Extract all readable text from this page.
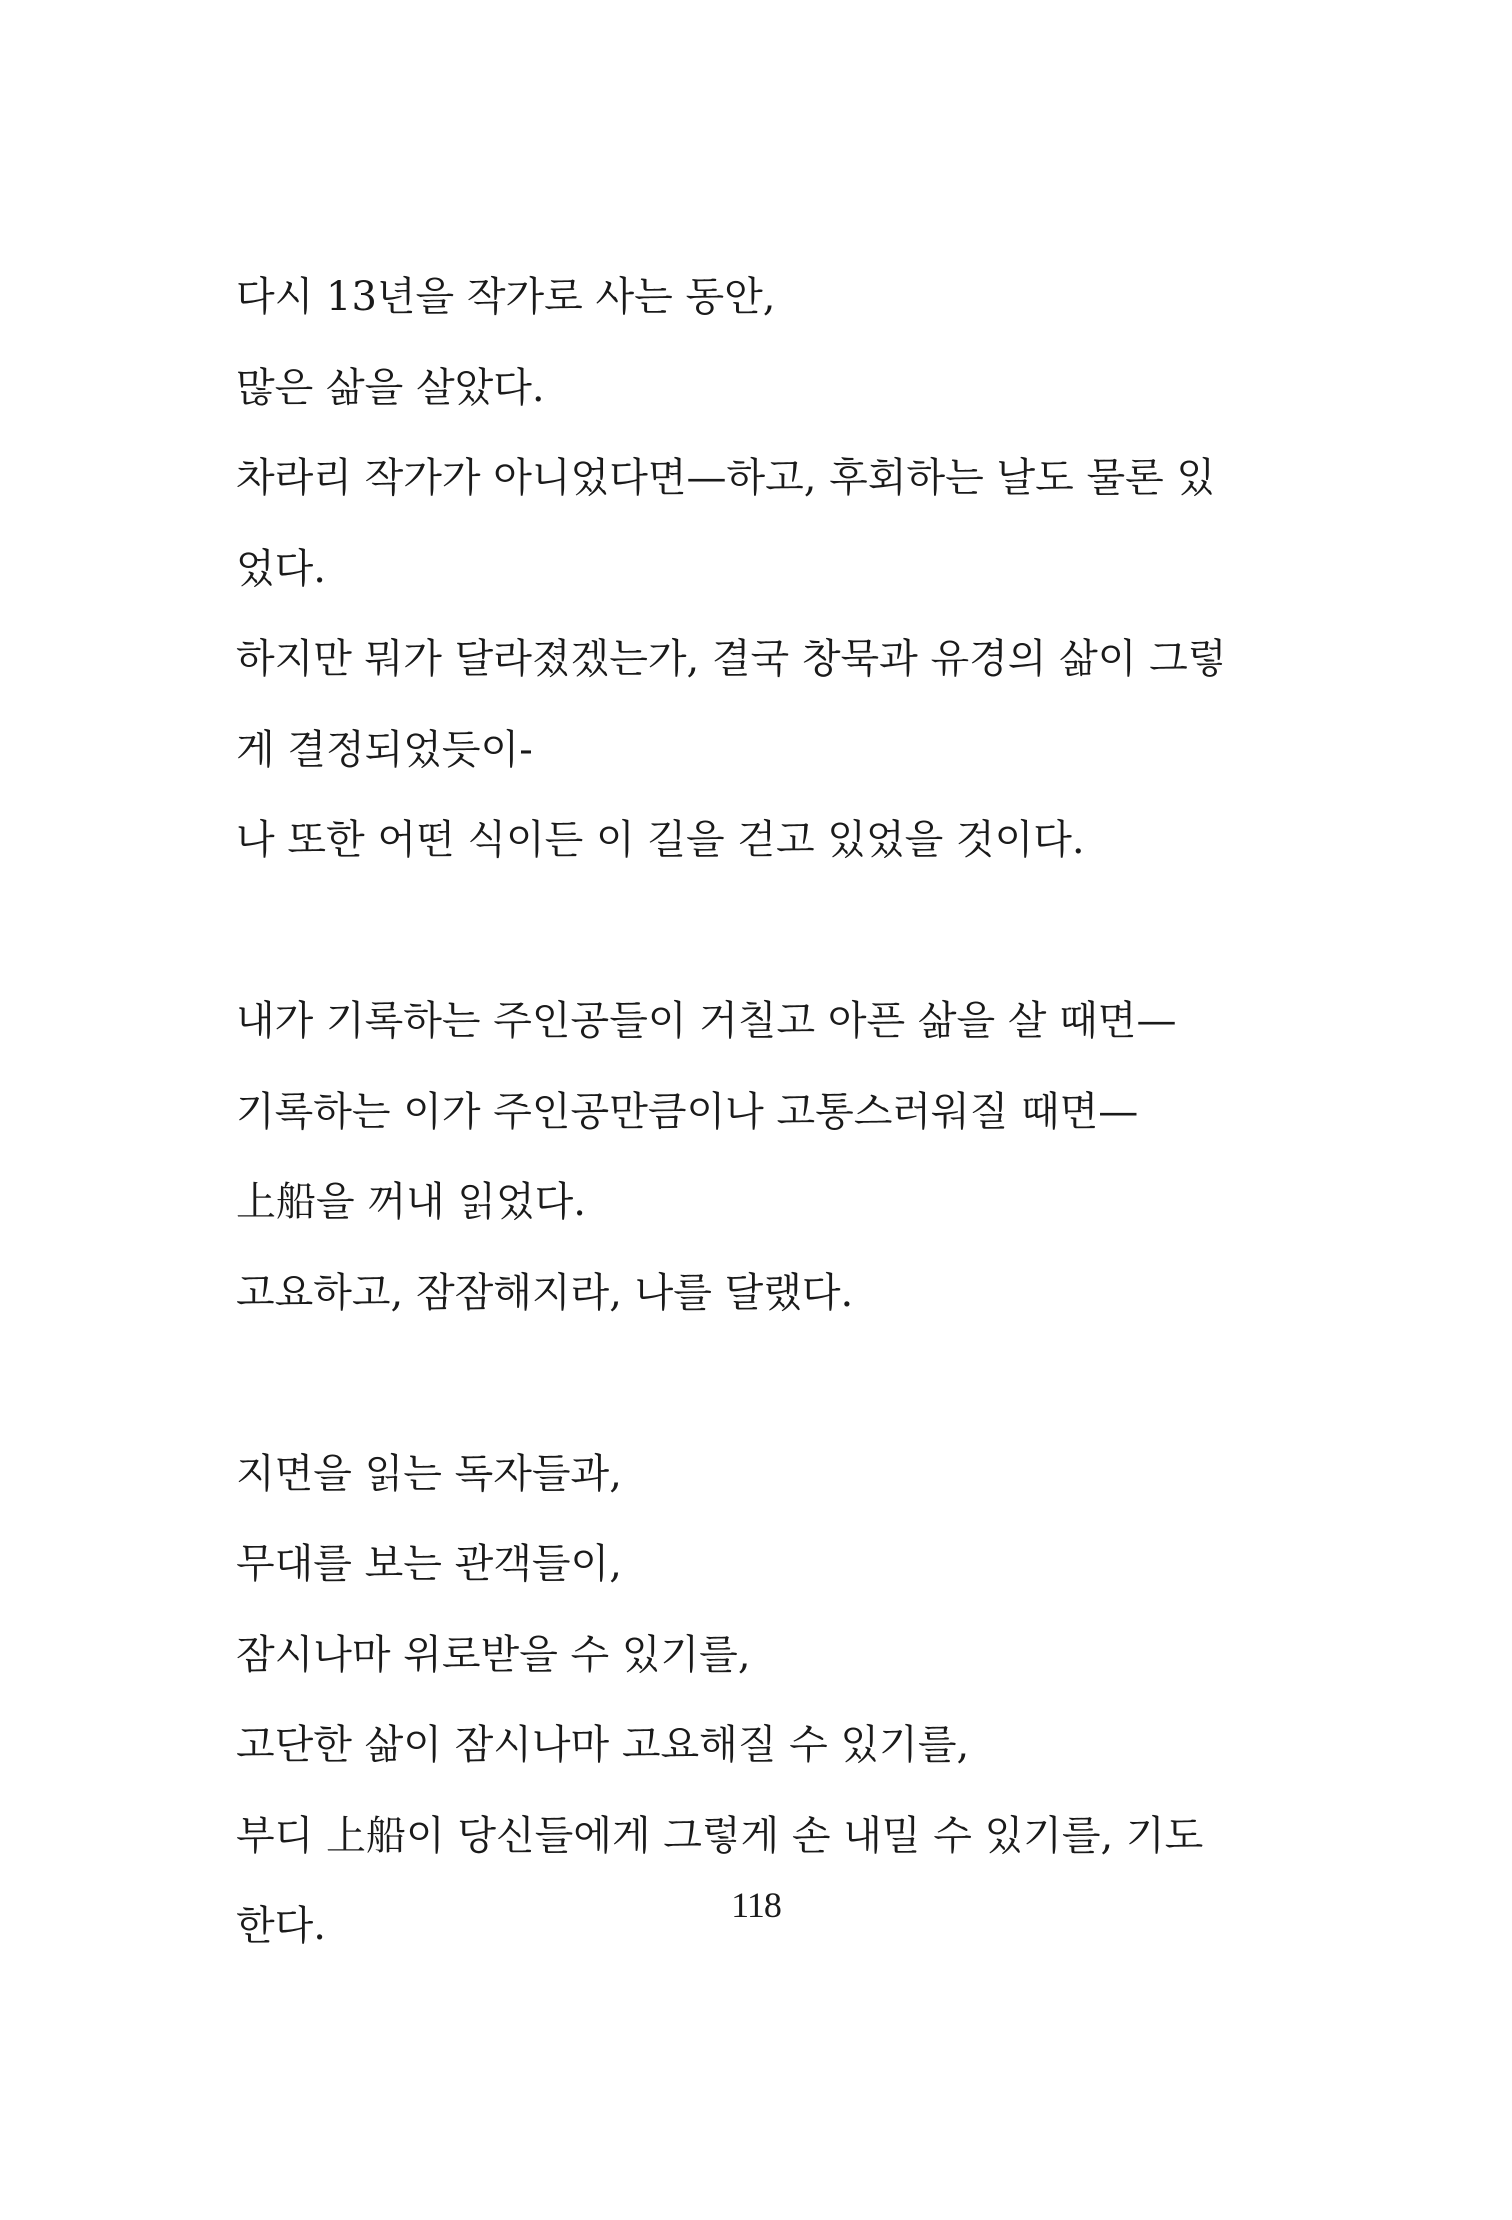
다시 13년을 작가로 사는 동안,
많은 삶을 살았다.
차라리 작가가 아니었다면—하고, 후회하는 날도 물론 있
었다.
하지만 뭐가 달라졌겠는가, 결국 창묵과 유경의 삶이 그렇
게 결정되었듯이-
나 또한 어떤 식이든 이 길을 걷고 있었을 것이다.
내가 기록하는 주인공들이 거칠고 아픈 삶을 살 때면—
기록하는 이가 주인공만큼이나 고통스러워질 때면—
上船을 꺼내 읽었다.
고요하고, 잠잠해지라, 나를 달랬다.
지면을 읽는 독자들과,
무대를 보는 관객들이,
잠시나마 위로받을 수 있기를,
고단한 삶이 잠시나마 고요해질 수 있기를,
부디 上船이 당신들에게 그렇게 손 내밀 수 있기를, 기도
한다.	118
